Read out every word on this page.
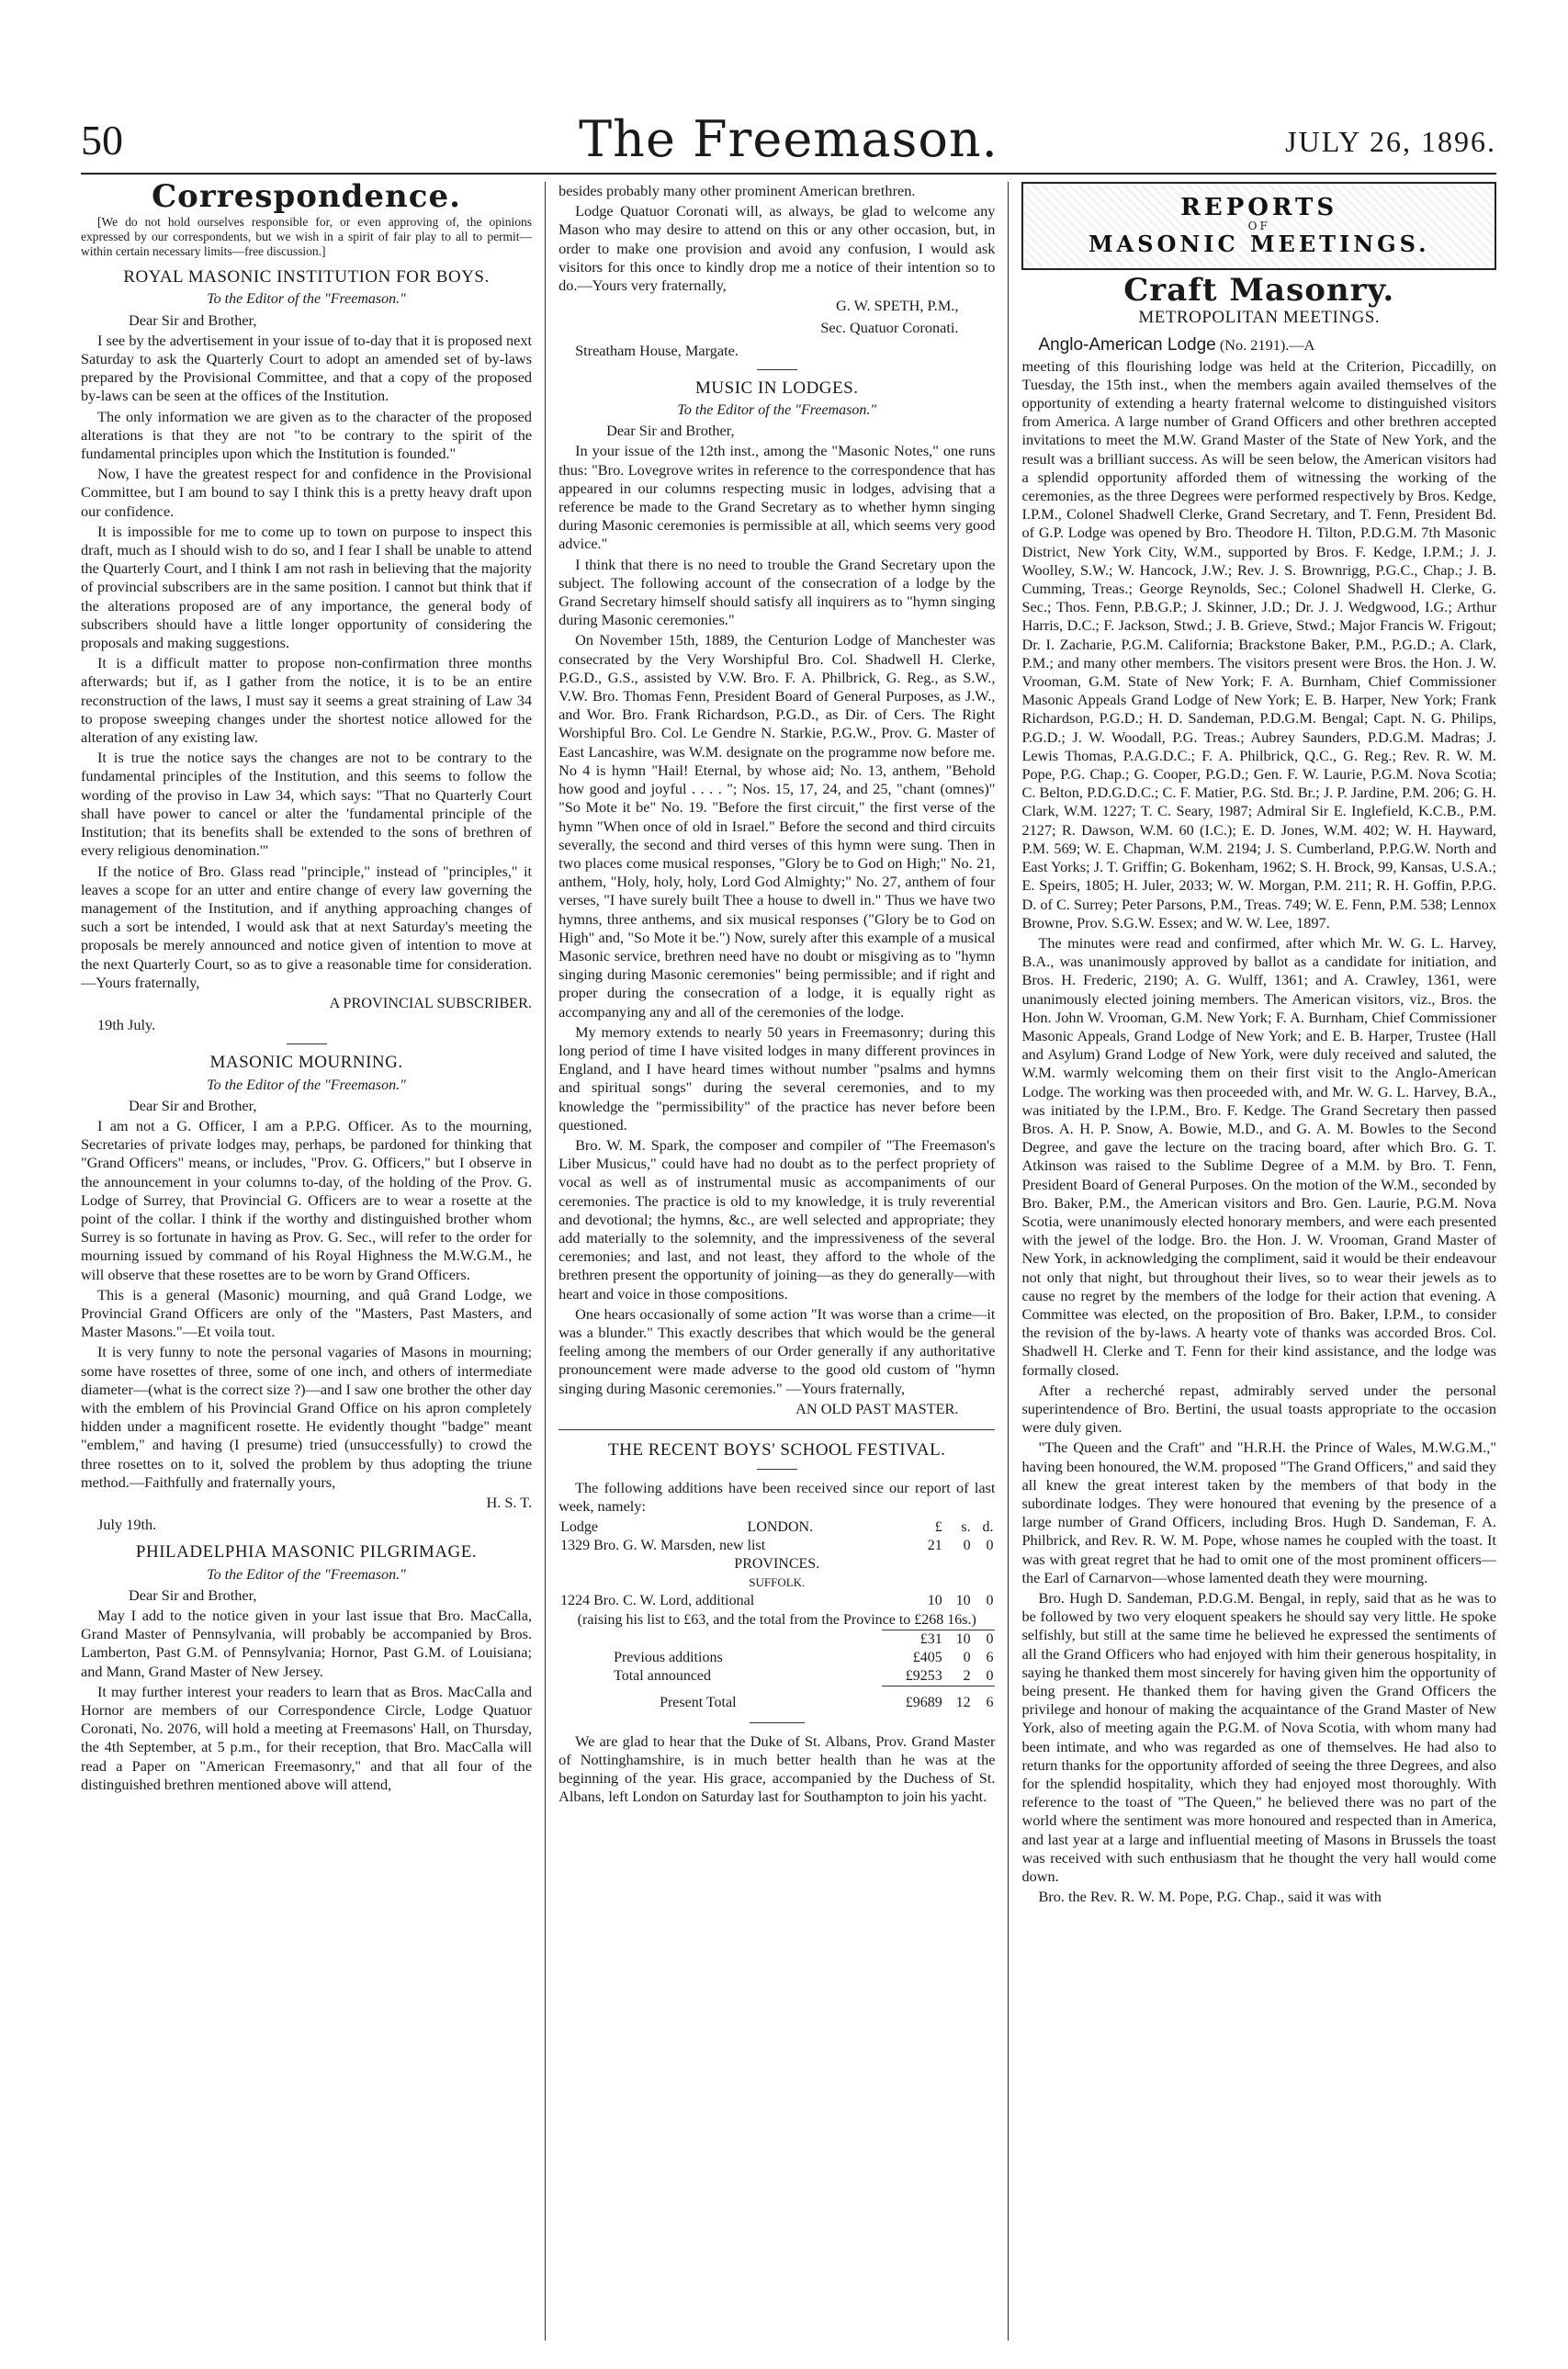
50	The Freemason.	JULY 26, 1896.
Correspondence.

[We do not hold ourselves responsible for, or even approving of, the opinions expressed by our correspondents, but we wish in a spirit of fair play to all to permit—within certain necessary limits—free discussion.]

ROYAL MASONIC INSTITUTION FOR BOYS.
To the Editor of the "Freemason."

Dear Sir and Brother,

I see by the advertisement in your issue of to-day that it is proposed next Saturday to ask the Quarterly Court to adopt an amended set of by-laws prepared by the Provisional Committee, and that a copy of the proposed by-laws can be seen at the offices of the Institution.

The only information we are given as to the character of the proposed alterations is that they are not "to be contrary to the spirit of the fundamental principles upon which the Institution is founded."

Now, I have the greatest respect for and confidence in the Provisional Committee, but I am bound to say I think this is a pretty heavy draft upon our confidence.

It is impossible for me to come up to town on purpose to inspect this draft, much as I should wish to do so, and I fear I shall be unable to attend the Quarterly Court, and I think I am not rash in believing that the majority of provincial subscribers are in the same position. I cannot but think that if the alterations proposed are of any importance, the general body of subscribers should have a little longer opportunity of considering the proposals and making suggestions.

It is a difficult matter to propose non-confirmation three months afterwards; but if, as I gather from the notice, it is to be an entire reconstruction of the laws, I must say it seems a great straining of Law 34 to propose sweeping changes under the shortest notice allowed for the alteration of any existing law.

It is true the notice says the changes are not to be contrary to the fundamental principles of the Institution, and this seems to follow the wording of the proviso in Law 34, which says: "That no Quarterly Court shall have power to cancel or alter the 'fundamental principle of the Institution; that its benefits shall be extended to the sons of brethren of every religious denomination.'"

If the notice of Bro. Glass read "principle," instead of "principles," it leaves a scope for an utter and entire change of every law governing the management of the Institution, and if anything approaching changes of such a sort be intended, I would ask that at next Saturday's meeting the proposals be merely announced and notice given of intention to move at the next Quarterly Court, so as to give a reasonable time for consideration.—Yours fraternally,

A PROVINCIAL SUBSCRIBER.

19th July.

MASONIC MOURNING.
To the Editor of the "Freemason."

Dear Sir and Brother,

I am not a G. Officer, I am a P.P.G. Officer. As to the mourning, Secretaries of private lodges may, perhaps, be pardoned for thinking that "Grand Officers" means, or includes, "Prov. G. Officers," but I observe in the announcement in your columns to-day, of the holding of the Prov. G. Lodge of Surrey, that Provincial G. Officers are to wear a rosette at the point of the collar. I think if the worthy and distinguished brother whom Surrey is so fortunate in having as Prov. G. Sec., will refer to the order for mourning issued by command of his Royal Highness the M.W.G.M., he will observe that these rosettes are to be worn by Grand Officers.

This is a general (Masonic) mourning, and quâ Grand Lodge, we Provincial Grand Officers are only of the "Masters, Past Masters, and Master Masons."—Et voila tout.

It is very funny to note the personal vagaries of Masons in mourning; some have rosettes of three, some of one inch, and others of intermediate diameter—(what is the correct size ?)—and I saw one brother the other day with the emblem of his Provincial Grand Office on his apron completely hidden under a magnificent rosette. He evidently thought "badge" meant "emblem," and having (I presume) tried (unsuccessfully) to crowd the three rosettes on to it, solved the problem by thus adopting the triune method.—Faithfully and fraternally yours,

H. S. T.

July 19th.

PHILADELPHIA MASONIC PILGRIMAGE.
To the Editor of the "Freemason."

Dear Sir and Brother,

May I add to the notice given in your last issue that Bro. MacCalla, Grand Master of Pennsylvania, will probably be accompanied by Bros. Lamberton, Past G.M. of Pennsylvania; Hornor, Past G.M. of Louisiana; and Mann, Grand Master of New Jersey.

It may further interest your readers to learn that as Bros. MacCalla and Hornor are members of our Correspondence Circle, Lodge Quatuor Coronati, No. 2076, will hold a meeting at Freemasons' Hall, on Thursday, the 4th September, at 5 p.m., for their reception, that Bro. MacCalla will read a Paper on "American Freemasonry," and that all four of the distinguished brethren mentioned above will attend,

besides probably many other prominent American brethren.

Lodge Quatuor Coronati will, as always, be glad to welcome any Mason who may desire to attend on this or any other occasion, but, in order to make one provision and avoid any confusion, I would ask visitors for this once to kindly drop me a notice of their intention so to do.—Yours very fraternally,

G. W. SPETH, P.M.,
Sec. Quatuor Coronati.

Streatham House, Margate.

MUSIC IN LODGES.
To the Editor of the "Freemason."

Dear Sir and Brother,

In your issue of the 12th inst., among the "Masonic Notes," one runs thus: "Bro. Lovegrove writes in reference to the correspondence that has appeared in our columns respecting music in lodges, advising that a reference be made to the Grand Secretary as to whether hymn singing during Masonic ceremonies is permissible at all, which seems very good advice."

I think that there is no need to trouble the Grand Secretary upon the subject. The following account of the consecration of a lodge by the Grand Secretary himself should satisfy all inquirers as to "hymn singing during Masonic ceremonies."

On November 15th, 1889, the Centurion Lodge of Manchester was consecrated by the Very Worshipful Bro. Col. Shadwell H. Clerke, P.G.D., G.S., assisted by V.W. Bro. F. A. Philbrick, G. Reg., as S.W., V.W. Bro. Thomas Fenn, President Board of General Purposes, as J.W., and Wor. Bro. Frank Richardson, P.G.D., as Dir. of Cers. The Right Worshipful Bro. Col. Le Gendre N. Starkie, P.G.W., Prov. G. Master of East Lancashire, was W.M. designate on the programme now before me. No 4 is hymn "Hail! Eternal, by whose aid; No. 13, anthem, "Behold how good and joyful . . . . "; Nos. 15, 17, 24, and 25, "chant (omnes)" "So Mote it be" No. 19. "Before the first circuit," the first verse of the hymn "When once of old in Israel." Before the second and third circuits severally, the second and third verses of this hymn were sung. Then in two places come musical responses, "Glory be to God on High;" No. 21, anthem, "Holy, holy, holy, Lord God Almighty;" No. 27, anthem of four verses, "I have surely built Thee a house to dwell in." Thus we have two hymns, three anthems, and six musical responses ("Glory be to God on High" and, "So Mote it be.") Now, surely after this example of a musical Masonic service, brethren need have no doubt or misgiving as to "hymn singing during Masonic ceremonies" being permissible; and if right and proper during the consecration of a lodge, it is equally right as accompanying any and all of the ceremonies of the lodge.

My memory extends to nearly 50 years in Freemasonry; during this long period of time I have visited lodges in many different provinces in England, and I have heard times without number "psalms and hymns and spiritual songs" during the several ceremonies, and to my knowledge the "permissibility" of the practice has never before been questioned.

Bro. W. M. Spark, the composer and compiler of "The Freemason's Liber Musicus," could have had no doubt as to the perfect propriety of vocal as well as of instrumental music as accompaniments of our ceremonies. The practice is old to my knowledge, it is truly reverential and devotional; the hymns, &c., are well selected and appropriate; they add materially to the solemnity, and the impressiveness of the several ceremonies; and last, and not least, they afford to the whole of the brethren present the opportunity of joining—as they do generally—with heart and voice in those compositions.

One hears occasionally of some action "It was worse than a crime—it was a blunder." This exactly describes that which would be the general feeling among the members of our Order generally if any authoritative pronouncement were made adverse to the good old custom of "hymn singing during Masonic ceremonies." —Yours fraternally,

AN OLD PAST MASTER.
THE RECENT BOYS' SCHOOL FESTIVAL.

The following additions have been received since our report of last week, namely:

Lodge	LONDON.	£	s.	d.
1329 Bro. G. W. Marsden, new list		21	0	0
PROVINCES.				
SUFFOLK.				
1224 Bro. C. W. Lord, additional		10	10	0
(raising his list to £63, and the total from the Province to £268 16s.)				
		£31	10	0
Previous additions		£405	0	6
Total announced		£9253	2	0
Present Total		£9689	12	6

We are glad to hear that the Duke of St. Albans, Prov. Grand Master of Nottinghamshire, is in much better health than he was at the beginning of the year. His grace, accompanied by the Duchess of St. Albans, left London on Saturday last for Southampton to join his yacht.

REPORTS
OF
MASONIC MEETINGS.
Craft Masonry.
METROPOLITAN MEETINGS.

Anglo-American Lodge (No. 2191).—A

meeting of this flourishing lodge was held at the Criterion, Piccadilly, on Tuesday, the 15th inst., when the members again availed themselves of the opportunity of extending a hearty fraternal welcome to distinguished visitors from America. A large number of Grand Officers and other brethren accepted invitations to meet the M.W. Grand Master of the State of New York, and the result was a brilliant success. As will be seen below, the American visitors had a splendid opportunity afforded them of witnessing the working of the ceremonies, as the three Degrees were performed respectively by Bros. Kedge, I.P.M., Colonel Shadwell Clerke, Grand Secretary, and T. Fenn, President Bd. of G.P. Lodge was opened by Bro. Theodore H. Tilton, P.D.G.M. 7th Masonic District, New York City, W.M., supported by Bros. F. Kedge, I.P.M.; J. J. Woolley, S.W.; W. Hancock, J.W.; Rev. J. S. Brownrigg, P.G.C., Chap.; J. B. Cumming, Treas.; George Reynolds, Sec.; Colonel Shadwell H. Clerke, G. Sec.; Thos. Fenn, P.B.G.P.; J. Skinner, J.D.; Dr. J. J. Wedgwood, I.G.; Arthur Harris, D.C.; F. Jackson, Stwd.; J. B. Grieve, Stwd.; Major Francis W. Frigout; Dr. I. Zacharie, P.G.M. California; Brackstone Baker, P.M., P.G.D.; A. Clark, P.M.; and many other members. The visitors present were Bros. the Hon. J. W. Vrooman, G.M. State of New York; F. A. Burnham, Chief Commissioner Masonic Appeals Grand Lodge of New York; E. B. Harper, New York; Frank Richardson, P.G.D.; H. D. Sandeman, P.D.G.M. Bengal; Capt. N. G. Philips, P.G.D.; J. W. Woodall, P.G. Treas.; Aubrey Saunders, P.D.G.M. Madras; J. Lewis Thomas, P.A.G.D.C.; F. A. Philbrick, Q.C., G. Reg.; Rev. R. W. M. Pope, P.G. Chap.; G. Cooper, P.G.D.; Gen. F. W. Laurie, P.G.M. Nova Scotia; C. Belton, P.D.G.D.C.; C. F. Matier, P.G. Std. Br.; J. P. Jardine, P.M. 206; G. H. Clark, W.M. 1227; T. C. Seary, 1987; Admiral Sir E. Inglefield, K.C.B., P.M. 2127; R. Dawson, W.M. 60 (I.C.); E. D. Jones, W.M. 402; W. H. Hayward, P.M. 569; W. E. Chapman, W.M. 2194; J. S. Cumberland, P.P.G.W. North and East Yorks; J. T. Griffin; G. Bokenham, 1962; S. H. Brock, 99, Kansas, U.S.A.; E. Speirs, 1805; H. Juler, 2033; W. W. Morgan, P.M. 211; R. H. Goffin, P.P.G. D. of C. Surrey; Peter Parsons, P.M., Treas. 749; W. E. Fenn, P.M. 538; Lennox Browne, Prov. S.G.W. Essex; and W. W. Lee, 1897.

The minutes were read and confirmed, after which Mr. W. G. L. Harvey, B.A., was unanimously approved by ballot as a candidate for initiation, and Bros. H. Frederic, 2190; A. G. Wulff, 1361; and A. Crawley, 1361, were unanimously elected joining members. The American visitors, viz., Bros. the Hon. John W. Vrooman, G.M. New York; F. A. Burnham, Chief Commissioner Masonic Appeals, Grand Lodge of New York; and E. B. Harper, Trustee (Hall and Asylum) Grand Lodge of New York, were duly received and saluted, the W.M. warmly welcoming them on their first visit to the Anglo-American Lodge. The working was then proceeded with, and Mr. W. G. L. Harvey, B.A., was initiated by the I.P.M., Bro. F. Kedge. The Grand Secretary then passed Bros. A. H. P. Snow, A. Bowie, M.D., and G. A. M. Bowles to the Second Degree, and gave the lecture on the tracing board, after which Bro. G. T. Atkinson was raised to the Sublime Degree of a M.M. by Bro. T. Fenn, President Board of General Purposes. On the motion of the W.M., seconded by Bro. Baker, P.M., the American visitors and Bro. Gen. Laurie, P.G.M. Nova Scotia, were unanimously elected honorary members, and were each presented with the jewel of the lodge. Bro. the Hon. J. W. Vrooman, Grand Master of New York, in acknowledging the compliment, said it would be their endeavour not only that night, but throughout their lives, so to wear their jewels as to cause no regret by the members of the lodge for their action that evening. A Committee was elected, on the proposition of Bro. Baker, I.P.M., to consider the revision of the by-laws. A hearty vote of thanks was accorded Bros. Col. Shadwell H. Clerke and T. Fenn for their kind assistance, and the lodge was formally closed.

After a recherché repast, admirably served under the personal superintendence of Bro. Bertini, the usual toasts appropriate to the occasion were duly given.

"The Queen and the Craft" and "H.R.H. the Prince of Wales, M.W.G.M.," having been honoured, the W.M. proposed "The Grand Officers," and said they all knew the great interest taken by the members of that body in the subordinate lodges. They were honoured that evening by the presence of a large number of Grand Officers, including Bros. Hugh D. Sandeman, F. A. Philbrick, and Rev. R. W. M. Pope, whose names he coupled with the toast. It was with great regret that he had to omit one of the most prominent officers—the Earl of Carnarvon—whose lamented death they were mourning.

Bro. Hugh D. Sandeman, P.D.G.M. Bengal, in reply, said that as he was to be followed by two very eloquent speakers he should say very little. He spoke selfishly, but still at the same time he believed he expressed the sentiments of all the Grand Officers who had enjoyed with him their generous hospitality, in saying he thanked them most sincerely for having given him the opportunity of being present. He thanked them for having given the Grand Officers the privilege and honour of making the acquaintance of the Grand Master of New York, also of meeting again the P.G.M. of Nova Scotia, with whom many had been intimate, and who was regarded as one of themselves. He had also to return thanks for the opportunity afforded of seeing the three Degrees, and also for the splendid hospitality, which they had enjoyed most thoroughly. With reference to the toast of "The Queen," he believed there was no part of the world where the sentiment was more honoured and respected than in America, and last year at a large and influential meeting of Masons in Brussels the toast was received with such enthusiasm that he thought the very hall would come down.

Bro. the Rev. R. W. M. Pope, P.G. Chap., said it was with
